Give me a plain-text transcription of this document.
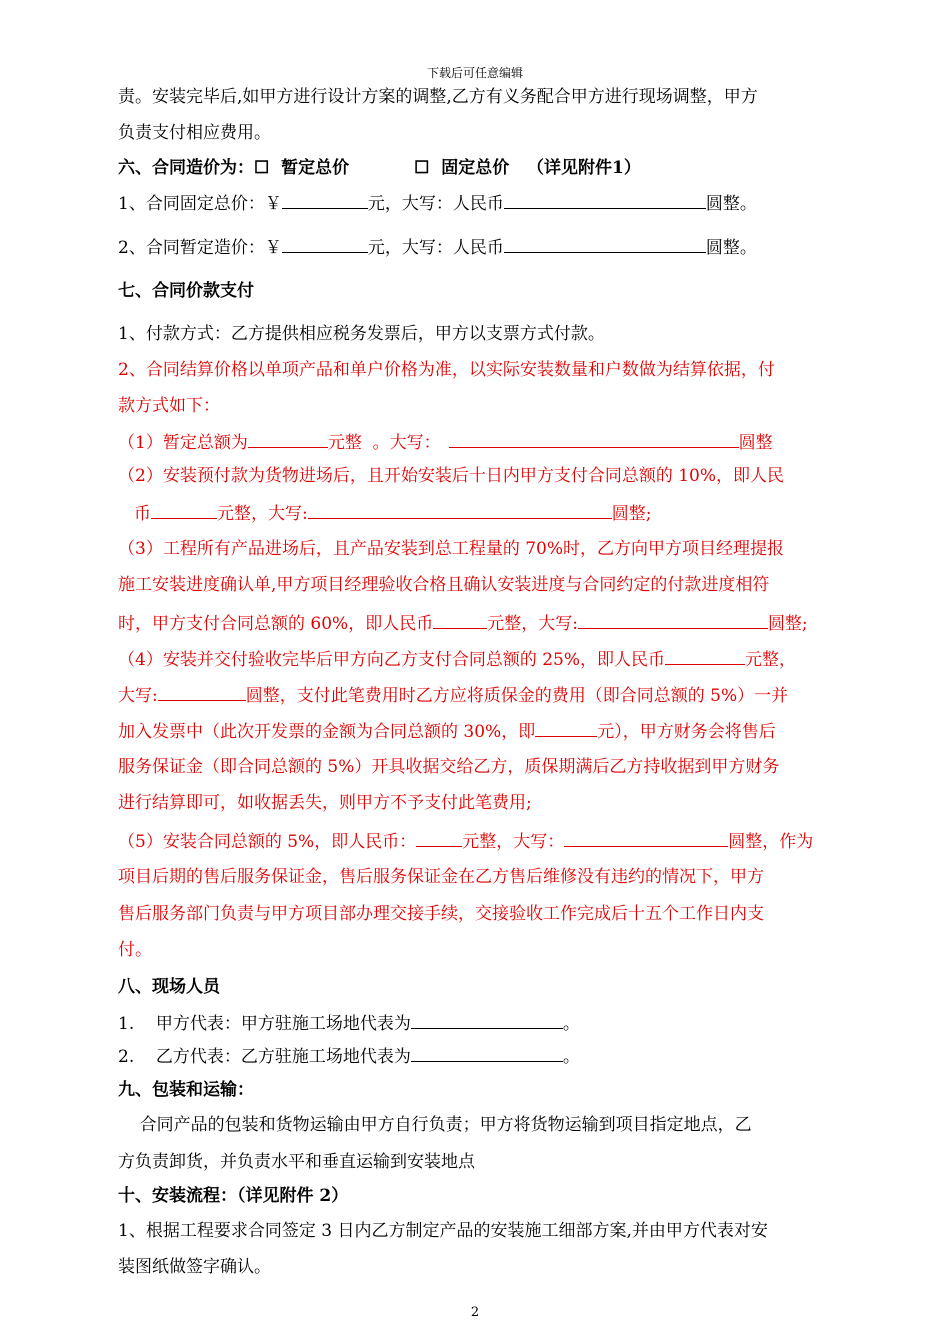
下载后可任意编辑
责。安装完毕后,如甲方进行设计方案的调整,乙方有义务配合甲方进行现场调整，甲方
负责支付相应费用。
六、合同造价为：☐  暂定总价           ☐  固定总价   （详见附件1）
1、合同固定总价：￥	元，大写：人民币	圆整。
2、合同暂定造价：￥	元，大写：人民币	圆整。
七、合同价款支付
1、付款方式：乙方提供相应税务发票后，甲方以支票方式付款。
2、合同结算价格以单项产品和单户价格为准，以实际安装数量和户数做为结算依据，付
款方式如下：
（1）暂定总额为	元整  。大写：	圆整
（2）安装预付款为货物进场后，且开始安装后十日内甲方支付合同总额的 10%，即人民
币	元整，大写:	圆整;
（3）工程所有产品进场后，且产品安装到总工程量的 70%时，乙方向甲方项目经理提报
施工安装进度确认单,甲方项目经理验收合格且确认安装进度与合同约定的付款进度相符
时，甲方支付合同总额的 60%，即人民币	元整，大写:	圆整;
（4）安装并交付验收完毕后甲方向乙方支付合同总额的 25%，即人民币	元整，
大写:	圆整，支付此笔费用时乙方应将质保金的费用（即合同总额的 5%）一并
加入发票中（此次开发票的金额为合同总额的 30%，即	元），甲方财务会将售后
服务保证金（即合同总额的 5%）开具收据交给乙方，质保期满后乙方持收据到甲方财务
进行结算即可，如收据丢失，则甲方不予支付此笔费用;
（5）安装合同总额的 5%，即人民币：	元整，大写：	圆整，作为
项目后期的售后服务保证金，售后服务保证金在乙方售后维修没有违约的情况下，甲方
售后服务部门负责与甲方项目部办理交接手续，交接验收工作完成后十五个工作日内支
付。
八、现场人员
1.    甲方代表：甲方驻施工场地代表为	。
2.    乙方代表：乙方驻施工场地代表为	。
九、包装和运输：
合同产品的包装和货物运输由甲方自行负责；甲方将货物运输到项目指定地点，乙
方负责卸货，并负责水平和垂直运输到安装地点
十、安装流程：（详见附件 2）
1、根据工程要求合同签定 3 日内乙方制定产品的安装施工细部方案,并由甲方代表对安
装图纸做签字确认。
2
